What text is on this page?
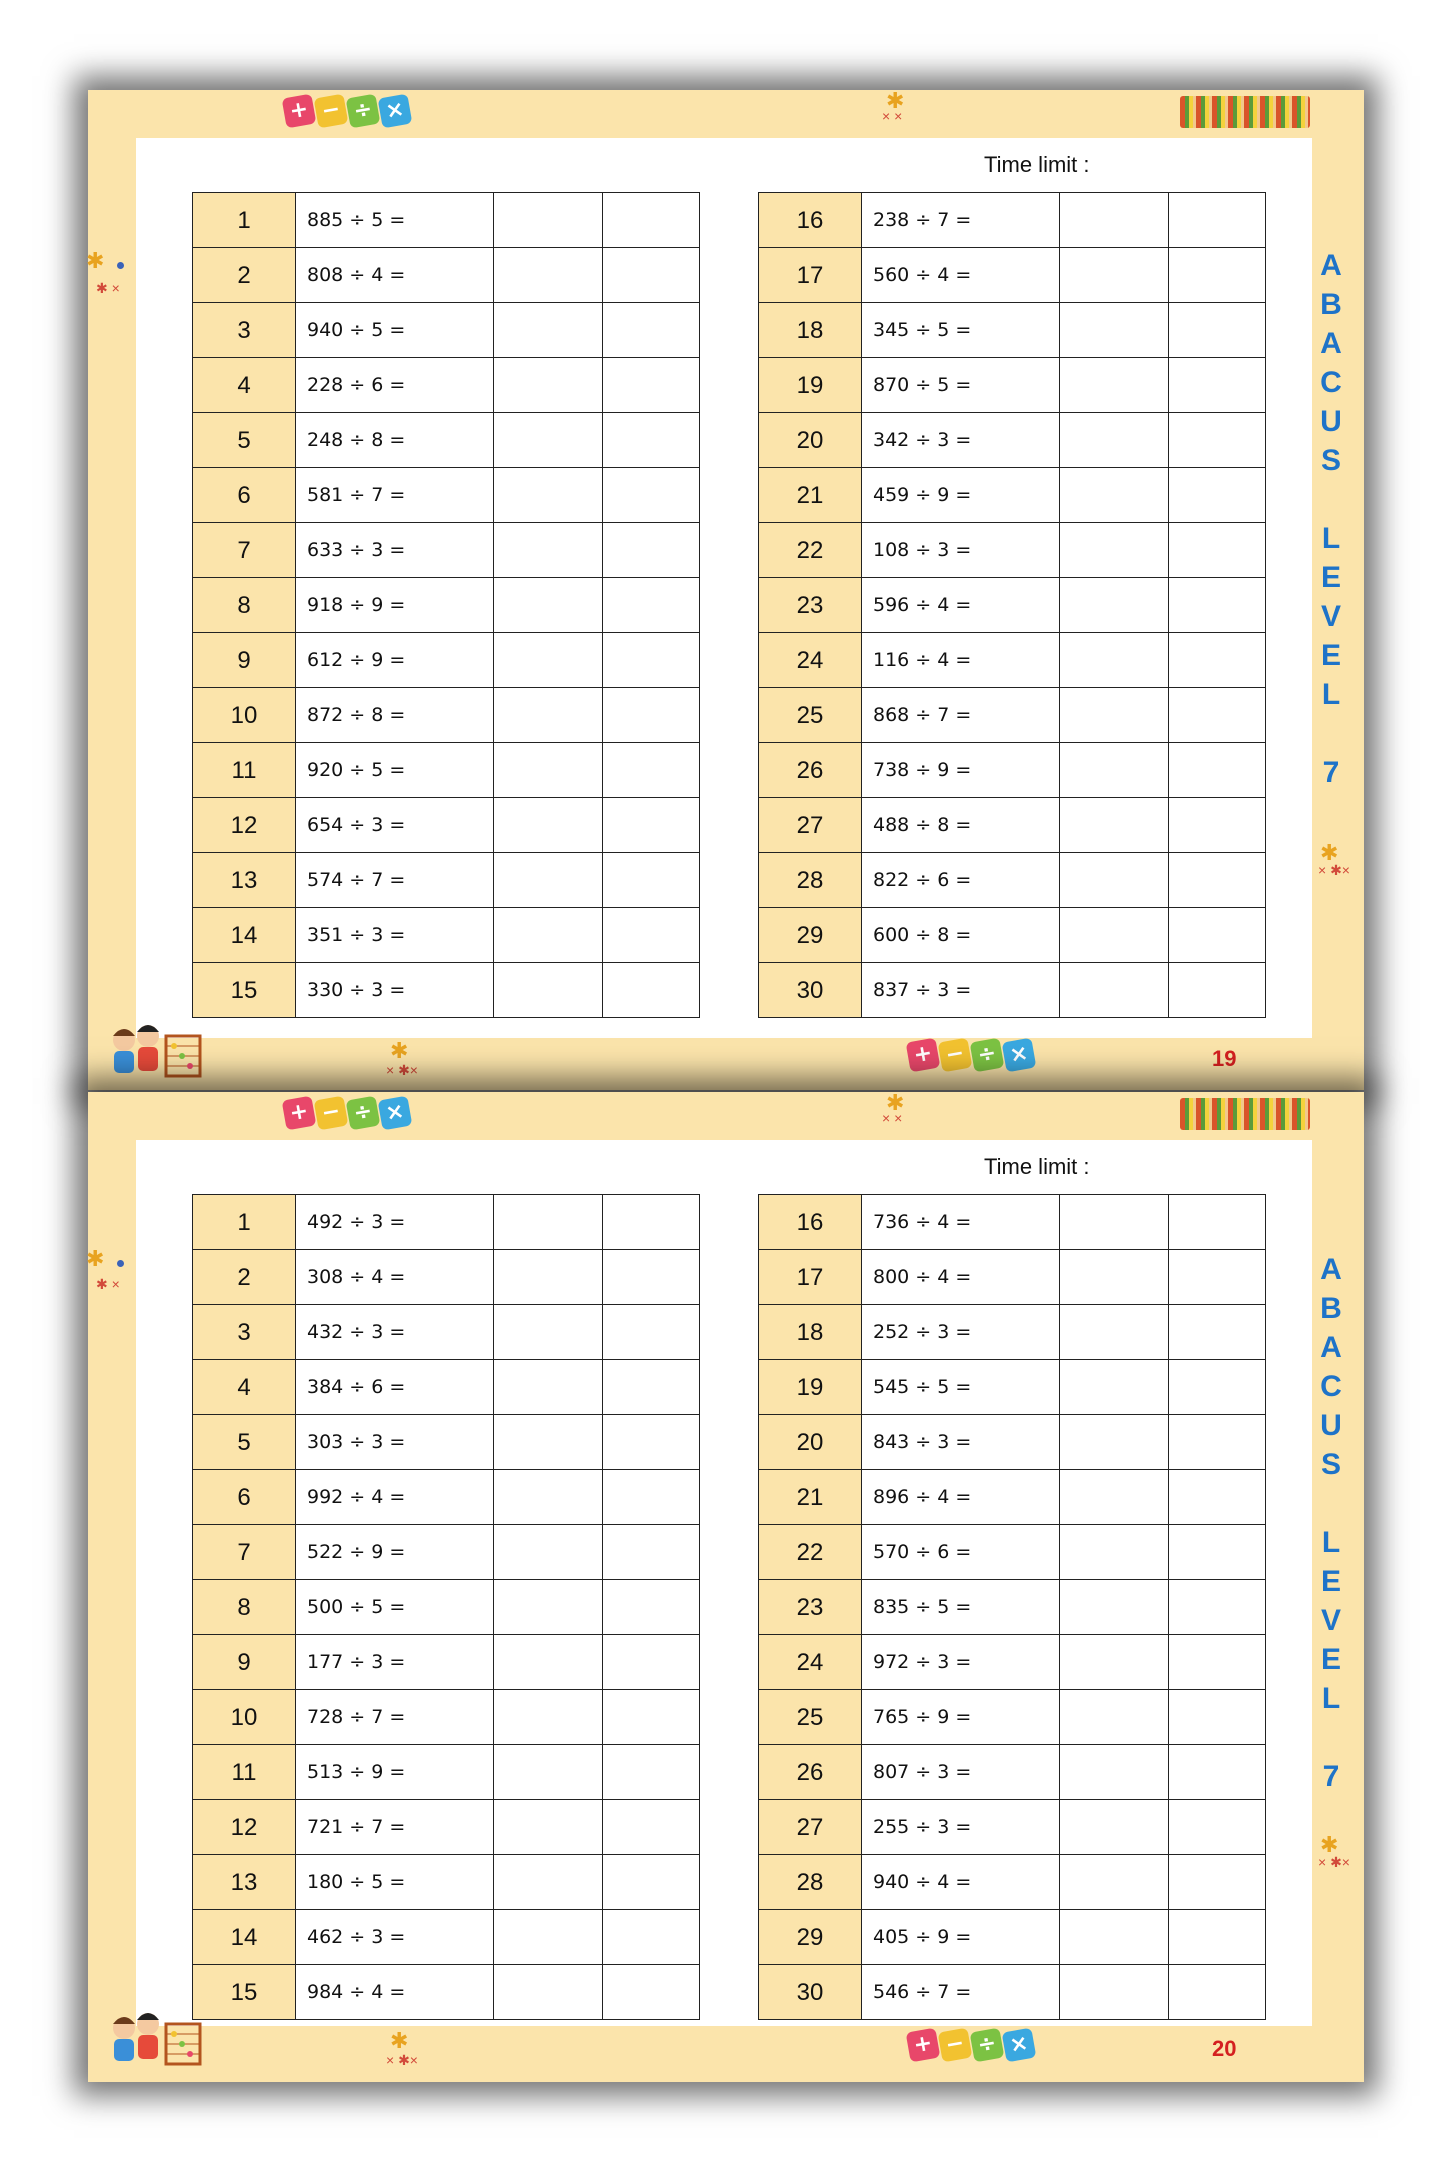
+ − ÷ ×	✱
× ×
✱
✱ ×
Time limit :
1	885 ÷ 5 =		
2	808 ÷ 4 =		
3	940 ÷ 5 =		
4	228 ÷ 6 =		
5	248 ÷ 8 =		
6	581 ÷ 7 =		
7	633 ÷ 3 =		
8	918 ÷ 9 =		
9	612 ÷ 9 =		
10	872 ÷ 8 =		
11	920 ÷ 5 =		
12	654 ÷ 3 =		
13	574 ÷ 7 =		
14	351 ÷ 3 =		
15	330 ÷ 3 =		
16	238 ÷ 7 =		
17	560 ÷ 4 =		
18	345 ÷ 5 =		
19	870 ÷ 5 =		
20	342 ÷ 3 =		
21	459 ÷ 9 =		
22	108 ÷ 3 =		
23	596 ÷ 4 =		
24	116 ÷ 4 =		
25	868 ÷ 7 =		
26	738 ÷ 9 =		
27	488 ÷ 8 =		
28	822 ÷ 6 =		
29	600 ÷ 8 =		
30	837 ÷ 3 =		
A
B
A
C
U
S
L
E
V
E
L
7
✱
× ✱×
✱
× ✱×
+ − ÷ ×	19
+ − ÷ ×	✱
× ×
✱
✱ ×
Time limit :
1	492 ÷ 3 =		
2	308 ÷ 4 =		
3	432 ÷ 3 =		
4	384 ÷ 6 =		
5	303 ÷ 3 =		
6	992 ÷ 4 =		
7	522 ÷ 9 =		
8	500 ÷ 5 =		
9	177 ÷ 3 =		
10	728 ÷ 7 =		
11	513 ÷ 9 =		
12	721 ÷ 7 =		
13	180 ÷ 5 =		
14	462 ÷ 3 =		
15	984 ÷ 4 =		
16	736 ÷ 4 =		
17	800 ÷ 4 =		
18	252 ÷ 3 =		
19	545 ÷ 5 =		
20	843 ÷ 3 =		
21	896 ÷ 4 =		
22	570 ÷ 6 =		
23	835 ÷ 5 =		
24	972 ÷ 3 =		
25	765 ÷ 9 =		
26	807 ÷ 3 =		
27	255 ÷ 3 =		
28	940 ÷ 4 =		
29	405 ÷ 9 =		
30	546 ÷ 7 =		
A
B
A
C
U
S
L
E
V
E
L
7
✱
× ✱×
✱
× ✱×
+ − ÷ ×	20
